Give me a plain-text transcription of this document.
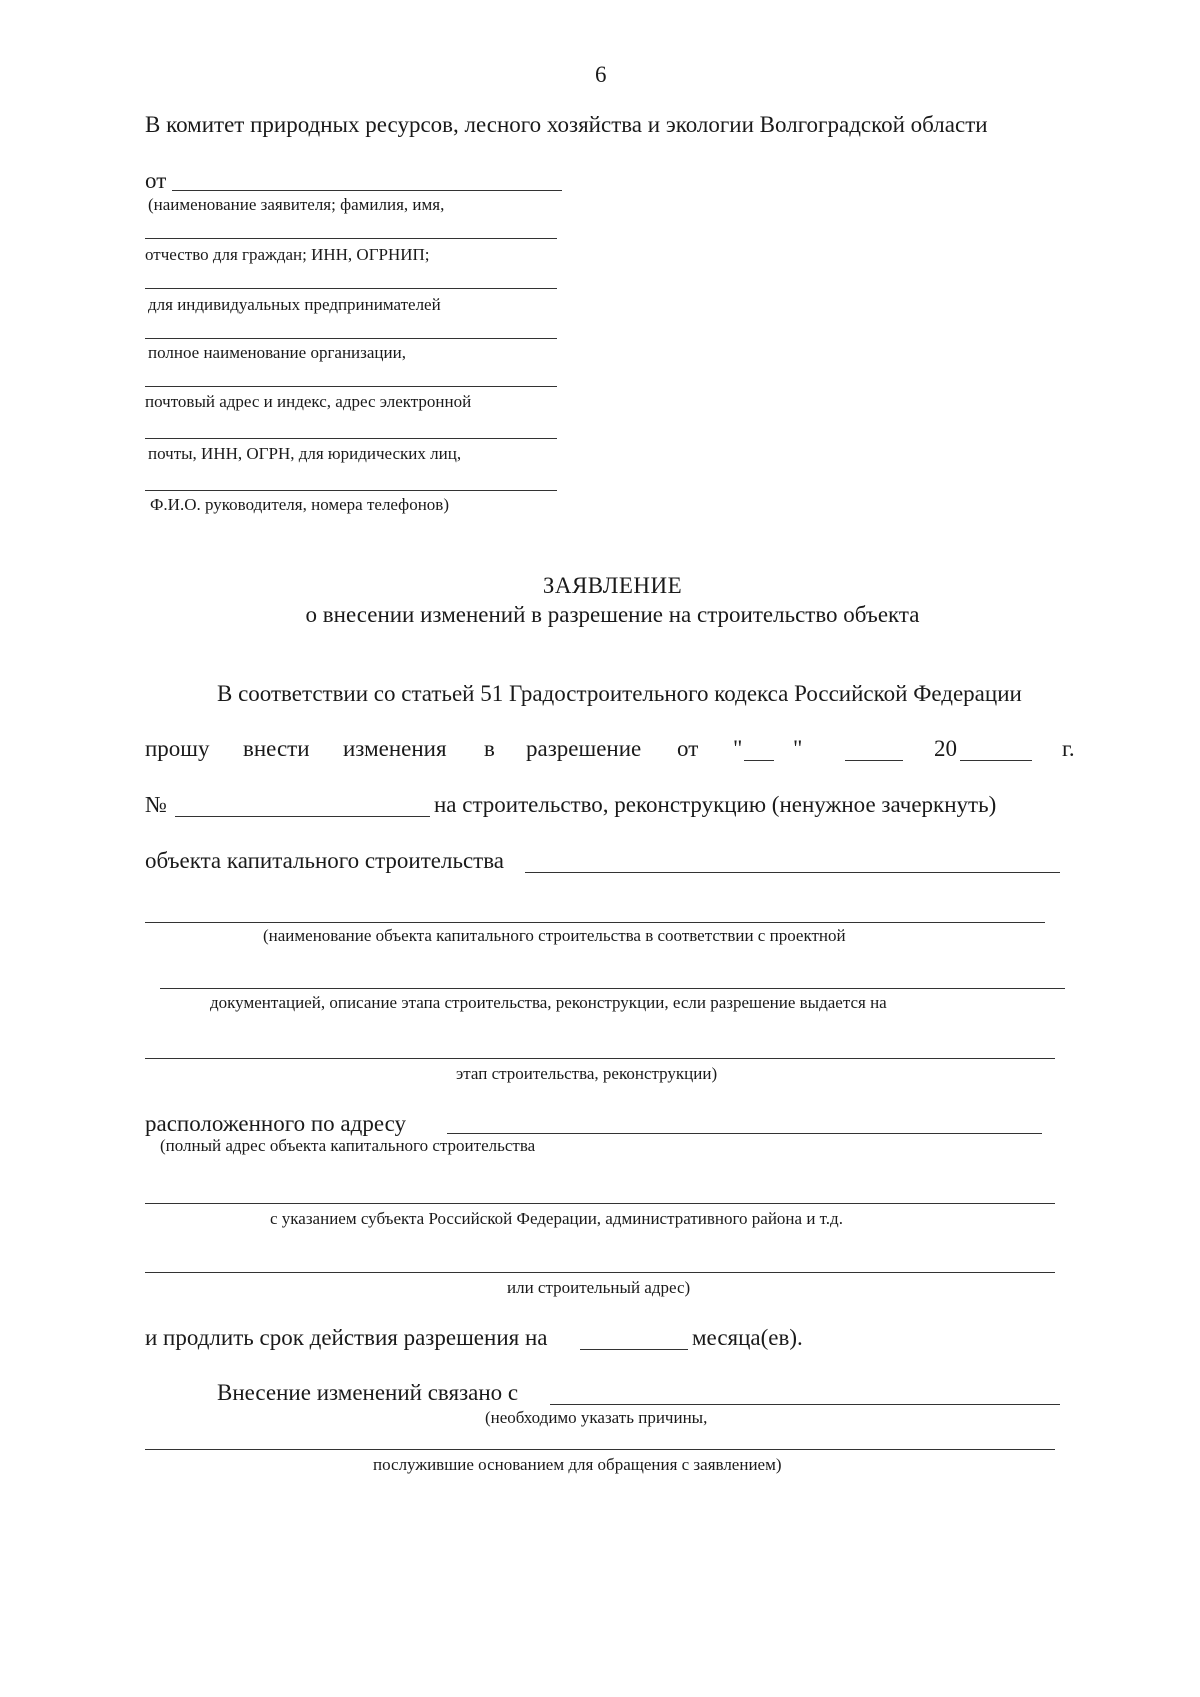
6
В комитет природных ресурсов, лесного хозяйства и экологии Волгоградской области
от
(наименование заявителя; фамилия, имя,
отчество для граждан; ИНН, ОГРНИП;
для индивидуальных предпринимателей
полное наименование организации,
почтовый адрес и индекс, адрес электронной
почты, ИНН, ОГРН, для юридических лиц,
Ф.И.О. руководителя, номера телефонов)
ЗАЯВЛЕНИЕ
о внесении изменений в разрешение на строительство объекта
В соответствии со статьей 51 Градостроительного кодекса Российской Федерации
прошу внести изменения в разрешение от " "	20	г.
№	на строительство, реконструкцию (ненужное зачеркнуть)
объекта капитального строительства
(наименование объекта капитального строительства в соответствии с проектной
документацией, описание этапа строительства, реконструкции, если разрешение выдается на
этап строительства, реконструкции)
расположенного по адресу
(полный адрес объекта капитального строительства
с указанием субъекта Российской Федерации, административного района и т.д.
или строительный адрес)
и продлить срок действия разрешения на	месяца(ев).
Внесение изменений связано с
(необходимо указать причины,
послужившие основанием для обращения с заявлением)
